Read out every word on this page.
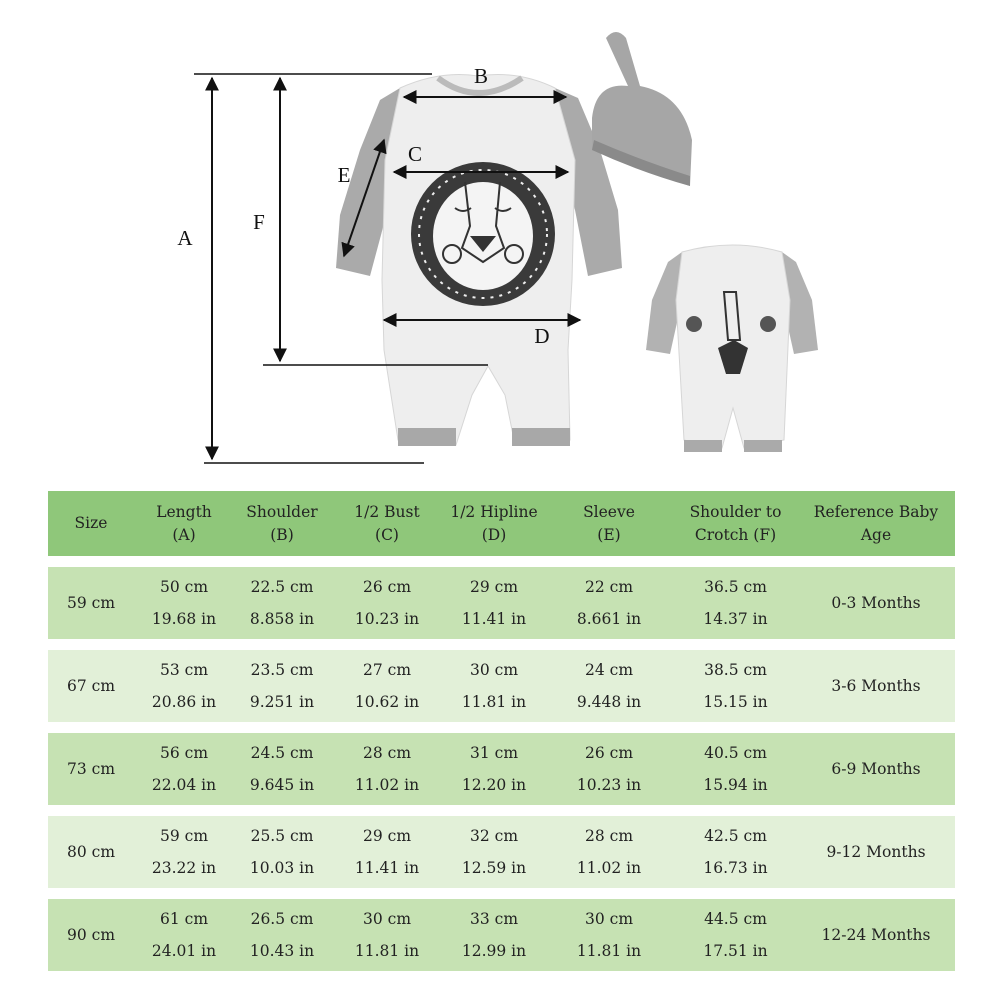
A
B
C
D
E
F
Size
Length
(A)
Shoulder
(B)
1/2 Bust
(C)
1/2 Hipline
(D)
Sleeve
(E)
Shoulder to
Crotch (F)
Reference Baby
Age
59 cm
50 cm
19.68 in
22.5 cm
8.858 in
26 cm
10.23 in
29 cm
11.41 in
22 cm
8.661 in
36.5 cm
14.37 in
0-3 Months
67 cm
53 cm
20.86 in
23.5 cm
9.251 in
27 cm
10.62 in
30 cm
11.81 in
24 cm
9.448 in
38.5 cm
15.15 in
3-6 Months
73 cm
56 cm
22.04 in
24.5 cm
9.645 in
28 cm
11.02 in
31 cm
12.20 in
26 cm
10.23 in
40.5 cm
15.94 in
6-9 Months
80 cm
59 cm
23.22 in
25.5 cm
10.03 in
29 cm
11.41 in
32 cm
12.59 in
28 cm
11.02 in
42.5 cm
16.73 in
9-12 Months
90 cm
61 cm
24.01 in
26.5 cm
10.43 in
30 cm
11.81 in
33 cm
12.99 in
30 cm
11.81 in
44.5 cm
17.51 in
12-24 Months
